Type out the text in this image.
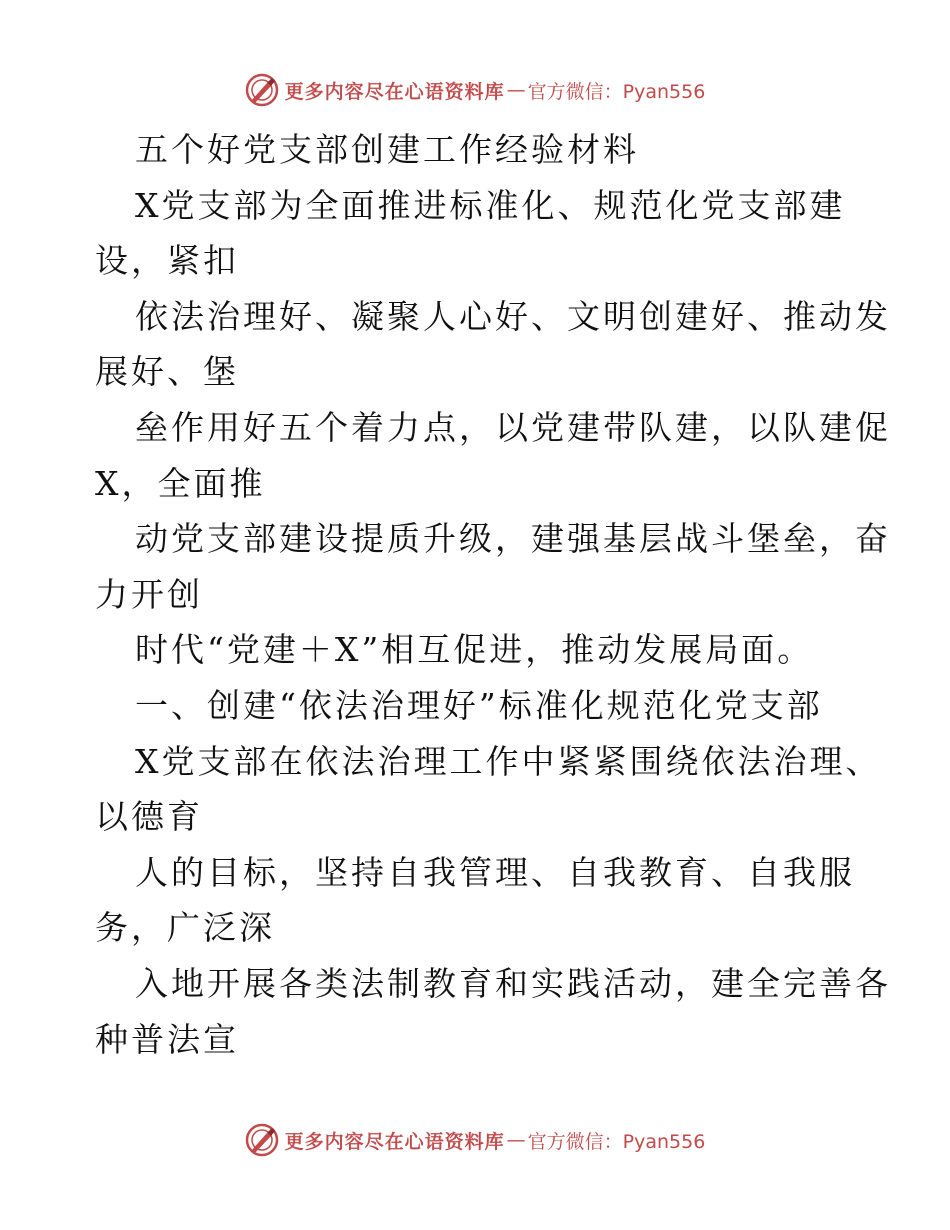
更多内容尽在心语资料库 — 官方微信：Pyan556
五个好党支部创建工作经验材料
X党支部为全面推进标准化、规范化党支部建
设，紧扣
依法治理好、凝聚人心好、文明创建好、推动发
展好、堡
垒作用好五个着力点，以党建带队建，以队建促
X，全面推
动党支部建设提质升级，建强基层战斗堡垒，奋
力开创
时代“党建＋X”相互促进，推动发展局面。
一、创建“依法治理好”标准化规范化党支部
X党支部在依法治理工作中紧紧围绕依法治理、
以德育
人的目标，坚持自我管理、自我教育、自我服
务，广泛深
入地开展各类法制教育和实践活动，建全完善各
种普法宣
更多内容尽在心语资料库 — 官方微信：Pyan556
